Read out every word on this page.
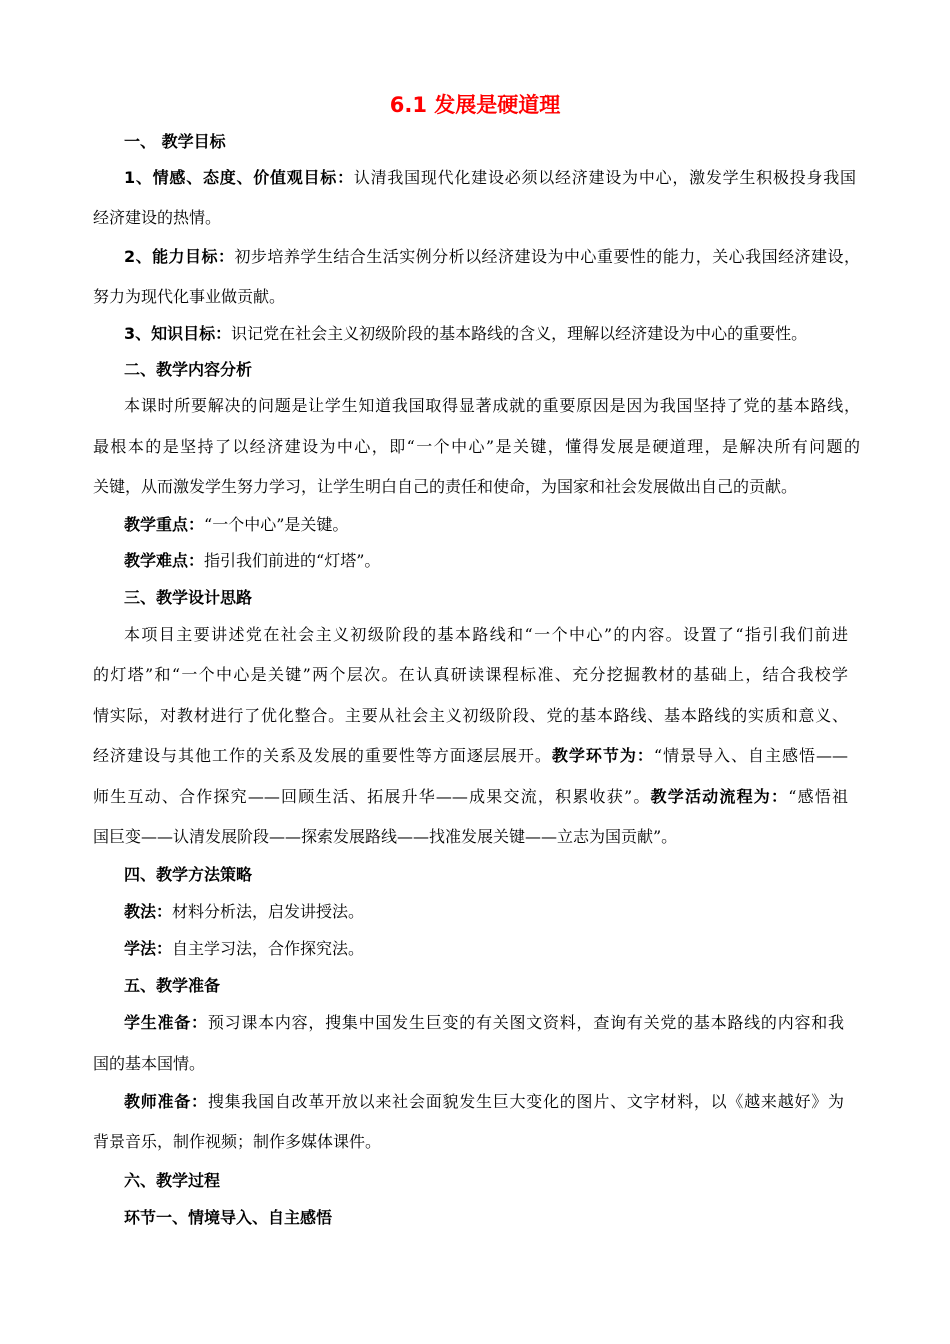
6.1 发展是硬道理
一、 教学目标
1、情感、态度、价值观目标：认清我国现代化建设必须以经济建设为中心，激发学生积极投身我国
经济建设的热情。
2、能力目标：初步培养学生结合生活实例分析以经济建设为中心重要性的能力，关心我国经济建设，
努力为现代化事业做贡献。
3、知识目标：识记党在社会主义初级阶段的基本路线的含义，理解以经济建设为中心的重要性。
二、教学内容分析
本课时所要解决的问题是让学生知道我国取得显著成就的重要原因是因为我国坚持了党的基本路线，
最根本的是坚持了以经济建设为中心，即“一个中心”是关键，懂得发展是硬道理，是解决所有问题的
关键，从而激发学生努力学习，让学生明白自己的责任和使命，为国家和社会发展做出自己的贡献。
教学重点：“一个中心”是关键。
教学难点：指引我们前进的“灯塔”。
三、教学设计思路
本项目主要讲述党在社会主义初级阶段的基本路线和“一个中心”的内容。设置了“指引我们前进
的灯塔”和“一个中心是关键”两个层次。在认真研读课程标准、充分挖掘教材的基础上，结合我校学
情实际，对教材进行了优化整合。主要从社会主义初级阶段、党的基本路线、基本路线的实质和意义、
经济建设与其他工作的关系及发展的重要性等方面逐层展开。教学环节为：“情景导入、自主感悟——
师生互动、合作探究——回顾生活、拓展升华——成果交流，积累收获”。教学活动流程为：“感悟祖
国巨变——认清发展阶段——探索发展路线——找准发展关键——立志为国贡献”。
四、教学方法策略
教法：材料分析法，启发讲授法。
学法：自主学习法，合作探究法。
五、教学准备
学生准备：预习课本内容，搜集中国发生巨变的有关图文资料，查询有关党的基本路线的内容和我
国的基本国情。
教师准备：搜集我国自改革开放以来社会面貌发生巨大变化的图片、文字材料，以《越来越好》为
背景音乐，制作视频；制作多媒体课件。
六、教学过程
环节一、情境导入、自主感悟
